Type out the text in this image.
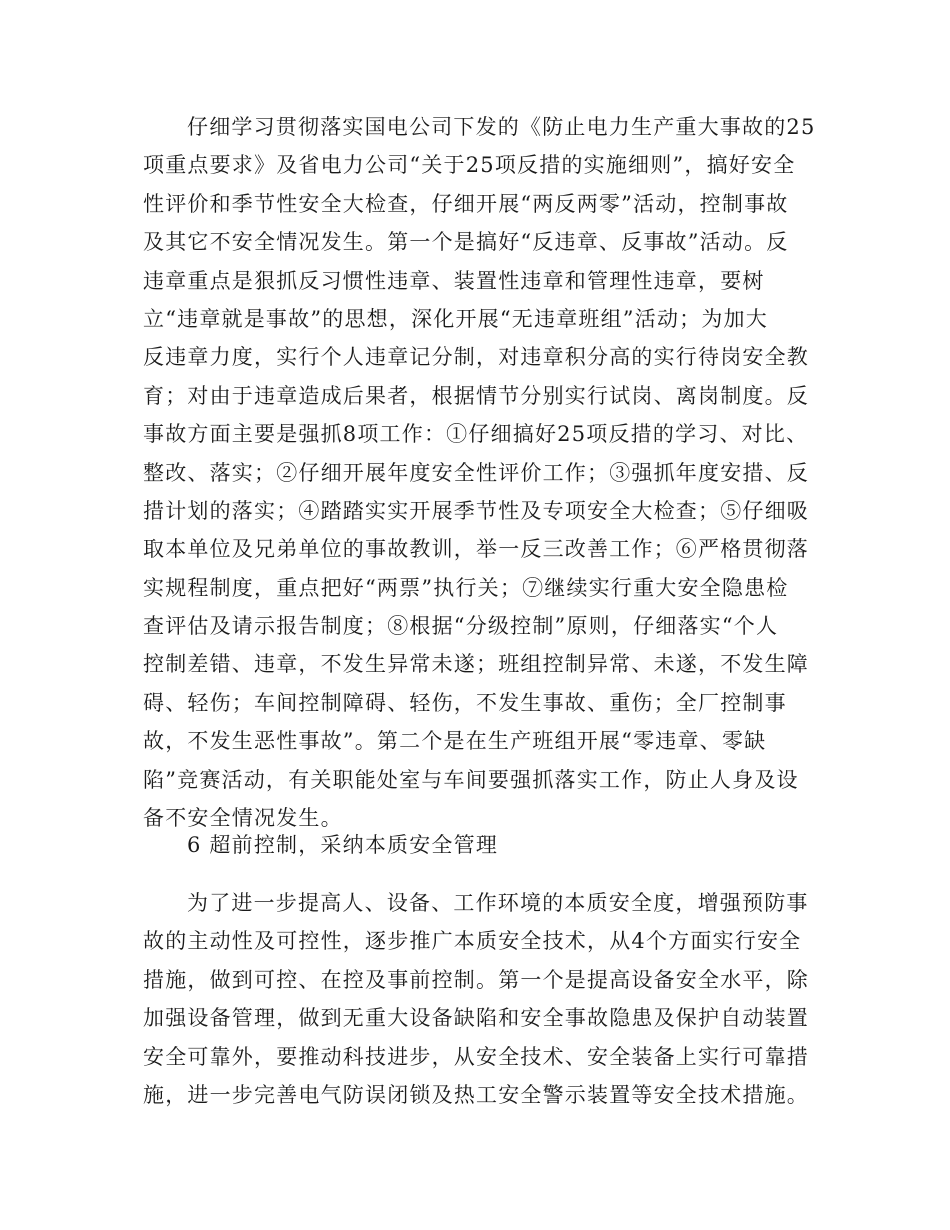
仔细学习贯彻落实国电公司下发的《防止电力生产重大事故的25
项重点要求》及省电力公司“关于25项反措的实施细则”，搞好安全
性评价和季节性安全大检查，仔细开展“两反两零”活动，控制事故
及其它不安全情况发生。第一个是搞好“反违章、反事故”活动。反
违章重点是狠抓反习惯性违章、装置性违章和管理性违章，要树
立“违章就是事故”的思想，深化开展“无违章班组”活动；为加大
反违章力度，实行个人违章记分制，对违章积分高的实行待岗安全教
育；对由于违章造成后果者，根据情节分别实行试岗、离岗制度。反
事故方面主要是强抓8项工作：①仔细搞好25项反措的学习、对比、
整改、落实；②仔细开展年度安全性评价工作；③强抓年度安措、反
措计划的落实；④踏踏实实开展季节性及专项安全大检查；⑤仔细吸
取本单位及兄弟单位的事故教训，举一反三改善工作；⑥严格贯彻落
实规程制度，重点把好“两票”执行关；⑦继续实行重大安全隐患检
查评估及请示报告制度；⑧根据“分级控制”原则，仔细落实“个人
控制差错、违章，不发生异常未遂；班组控制异常、未遂，不发生障
碍、轻伤；车间控制障碍、轻伤，不发生事故、重伤；全厂控制事
故，不发生恶性事故”。第二个是在生产班组开展“零违章、零缺
陷”竞赛活动，有关职能处室与车间要强抓落实工作，防止人身及设
备不安全情况发生。
6 超前控制，采纳本质安全管理
为了进一步提高人、设备、工作环境的本质安全度，增强预防事
故的主动性及可控性，逐步推广本质安全技术，从4个方面实行安全
措施，做到可控、在控及事前控制。第一个是提高设备安全水平，除
加强设备管理，做到无重大设备缺陷和安全事故隐患及保护自动装置
安全可靠外，要推动科技进步，从安全技术、安全装备上实行可靠措
施，进一步完善电气防误闭锁及热工安全警示装置等安全技术措施。
